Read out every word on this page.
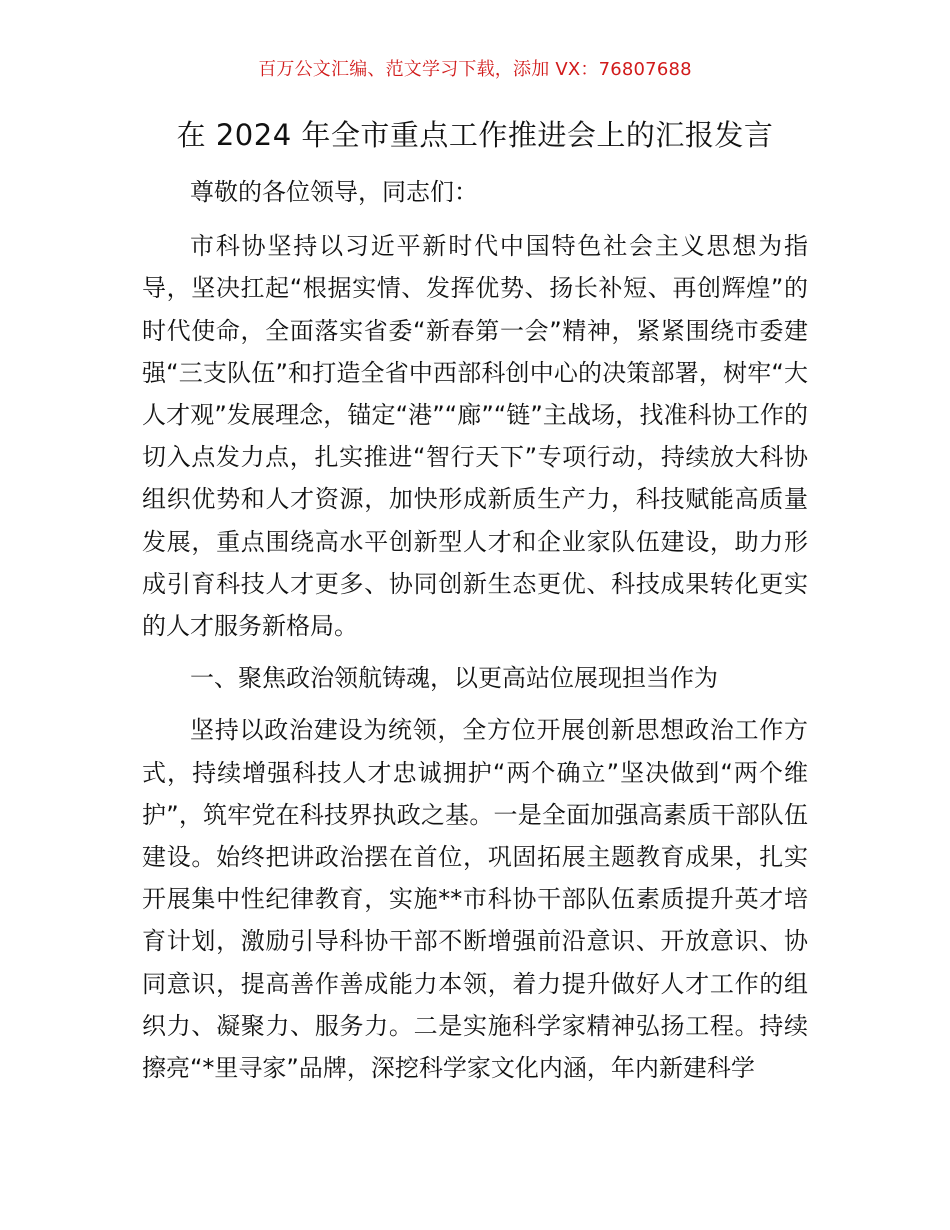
百万公文汇编、范文学习下载，添加 VX：76807688
在 2024 年全市重点工作推进会上的汇报发言

尊敬的各位领导，同志们：

市科协坚持以习近平新时代中国特色社会主义思想为指导，坚决扛起“根据实情、发挥优势、扬长补短、再创辉煌”的时代使命，全面落实省委“新春第一会”精神，紧紧围绕市委建强“三支队伍”和打造全省中西部科创中心的决策部署，树牢“大人才观”发展理念，锚定“港”“廊”“链”主战场，找准科协工作的切入点发力点，扎实推进“智行天下”专项行动，持续放大科协组织优势和人才资源，加快形成新质生产力，科技赋能高质量发展，重点围绕高水平创新型人才和企业家队伍建设，助力形成引育科技人才更多、协同创新生态更优、科技成果转化更实的人才服务新格局。

一、聚焦政治领航铸魂，以更高站位展现担当作为

坚持以政治建设为统领，全方位开展创新思想政治工作方式，持续增强科技人才忠诚拥护“两个确立”坚决做到“两个维护”，筑牢党在科技界执政之基。一是全面加强高素质干部队伍建设。始终把讲政治摆在首位，巩固拓展主题教育成果，扎实开展集中性纪律教育，实施**市科协干部队伍素质提升英才培育计划，激励引导科协干部不断增强前沿意识、开放意识、协同意识，提高善作善成能力本领，着力提升做好人才工作的组织力、凝聚力、服务力。二是实施科学家精神弘扬工程。持续擦亮“*里寻家”品牌，深挖科学家文化内涵，年内新建科学
